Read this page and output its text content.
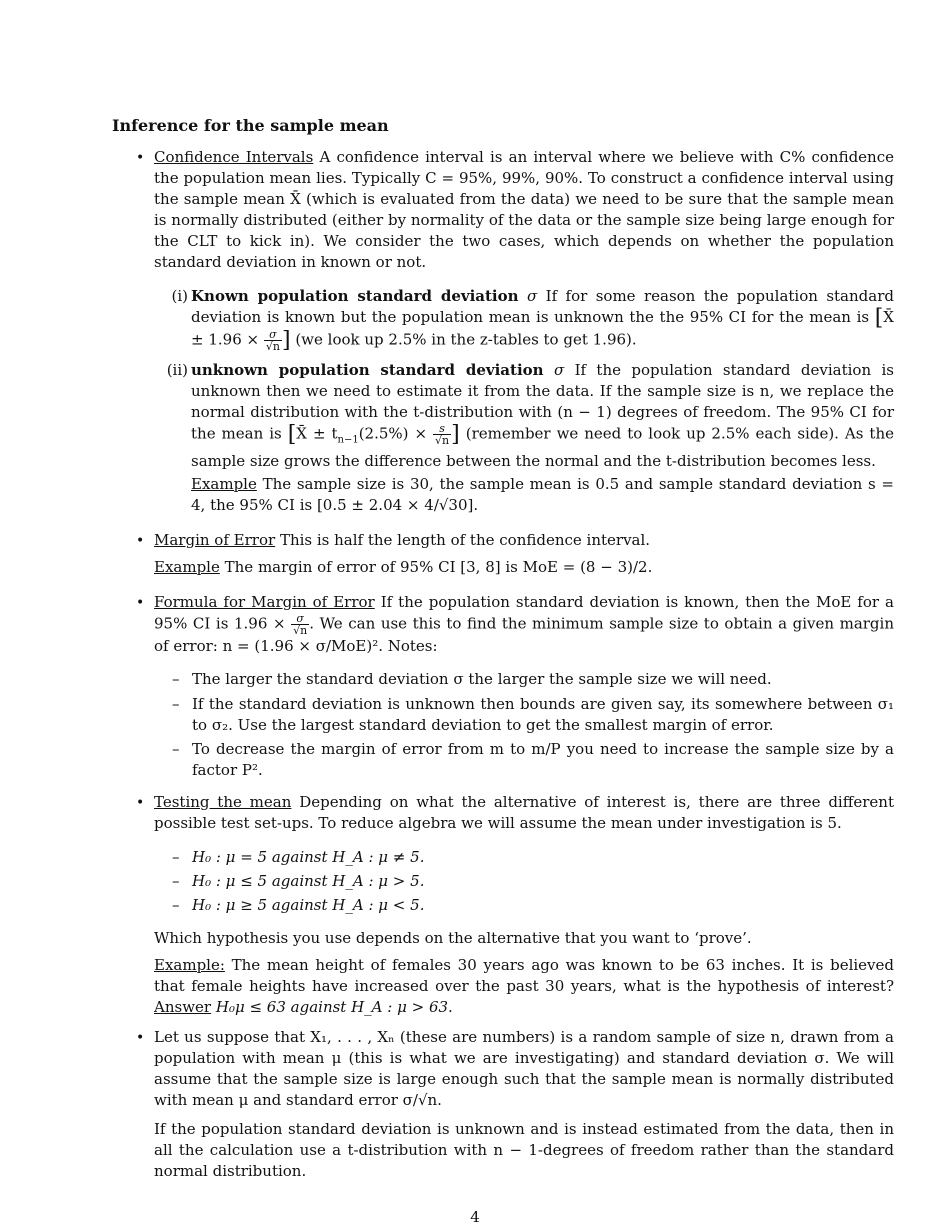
Inference for the sample mean
• Confidence Intervals A confidence interval is an interval where we believe with C% confidence the population mean lies. Typically C = 95%, 99%, 90%. To construct a confidence interval using the sample mean X̄ (which is evaluated from the data) we need to be sure that the sample mean is normally distributed (either by normality of the data or the sample size being large enough for the CLT to kick in). We consider the two cases, which depends on whether the population standard deviation in known or not.
(i) Known population standard deviation σ If for some reason the population standard deviation is known but the population mean is unknown the the 95% CI for the mean is [X̄ ± $1.96 \times \frac{\sigma}{√n}$ ] (we look up 2.5% in the z-tables to get 1.96).
(ii) unknown population standard deviation σ If the population standard deviation is unknown then we need to estimate it from the data. If the sample size is n, we replace the normal distribution with the t-distribution with (n − 1) degrees of freedom. The 95% CI for the mean is [X̄ ± $t_{n-1}(2.5\%) \times \frac{s}{√n}$ ] (remember we need to look up 2.5% each side). As the sample size grows the difference between the normal and the t-distribution becomes less.
Example The sample size is 30, the sample mean is 0.5 and sample standard deviation s = 4, the 95% CI is [0.5 ± 2.04 × 4/√30].
• Margin of Error This is half the length of the confidence interval.
Example The margin of error of 95% CI [3, 8] is MoE = (8 − 3)/2.
• Formula for Margin of Error If the population standard deviation is known, then the MoE for a 95% CI is $1.96 \times \frac{\sigma}{√n}$ . We can use this to find the minimum sample size to obtain a given margin of error: n = (1.96 × σ/MoE)². Notes:
– The larger the standard deviation σ the larger the sample size we will need.
– If the standard deviation is unknown then bounds are given say, its somewhere between σ₁ to σ₂. Use the largest standard deviation to get the smallest margin of error.
– To decrease the margin of error from m to m/P you need to increase the sample size by a factor P².
• Testing the mean Depending on what the alternative of interest is, there are three different possible test set-ups. To reduce algebra we will assume the mean under investigation is 5.
– H₀ : μ = 5 against H_A : μ ≠ 5.
– H₀ : μ ≤ 5 against H_A : μ > 5.
– H₀ : μ ≥ 5 against H_A : μ < 5.
Which hypothesis you use depends on the alternative that you want to ‘prove’.
Example: The mean height of females 30 years ago was known to be 63 inches. It is believed that female heights have increased over the past 30 years, what is the hypothesis of interest? Answer H₀μ ≤ 63 against H_A : μ > 63.
• Let us suppose that X₁, . . . , Xₙ (these are numbers) is a random sample of size n, drawn from a population with mean μ (this is what we are investigating) and standard deviation σ. We will assume that the sample size is large enough such that the sample mean is normally distributed with mean μ and standard error σ/√n.
If the population standard deviation is unknown and is instead estimated from the data, then in all the calculation use a t-distribution with n − 1-degrees of freedom rather than the standard normal distribution.
4
